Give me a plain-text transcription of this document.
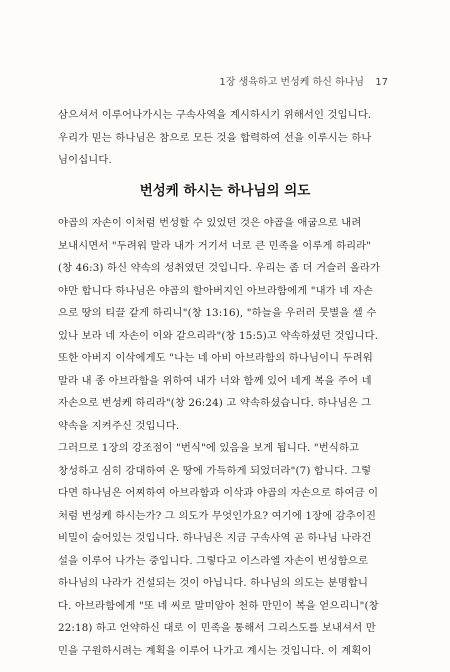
1장 생육하고 번성케 하신 하나님 17
삼으셔서 이루어나가시는 구속사역을 계시하시기 위해서인 것입니다.
우리가 믿는 하나님은 참으로 모든 것을 합력하여 선을 이루시는 하나
님이십니다.
번성케 하시는 하나님의 의도
야곱의 자손이 이처럼 번성할 수 있었던 것은 야곱을 애굽으로 내려
보내시면서 "두려워 말라 내가 거기서 너로 큰 민족을 이루게 하리라"
(창 46:3) 하신 약속의 성취였던 것입니다. 우리는 좀 더 거슬러 올라가
야만 합니다 하나님은 야곱의 할아버지인 아브라함에게 "내가 네 자손
으로 땅의 티끌 같게 하리니"(창 13:16), "하늘을 우러러 뭇별을 셀 수
있나 보라 네 자손이 이와 같으리라"(창 15:5)고 약속하셨던 것입니다.
또한 아버지 이삭에게도 "나는 네 아비 아브라함의 하나님이니 두려워
말라 내 종 아브라함을 위하여 내가 너와 함께 있어 네게 복을 주어 네
자손으로 번성케 하리라"(창 26:24) 고 약속하셨습니다. 하나님은 그
약속을 지켜주신 것입니다.
그러므로 1장의 강조점이 "번식"에 있음을 보게 됩니다. "번식하고
창성하고 심히 강대하여 온 땅에 가득하게 되었더라"(7) 합니다. 그렇
다면 하나님은 어찌하여 아브라함과 이삭과 야곱의 자손으로 하여금 이
처럼 번성케 하시는가? 그 의도가 무엇인가요? 여기에 1장에 감추이진
비밀이 숨어있는 것입니다. 하나님은 지금 구속사역 곧 하나님 나라건
설을 이루어 나가는 중입니다. 그렇다고 이스라엘 자손이 번성함으로
하나님의 나라가 건설되는 것이 아닙니다. 하나님의 의도는 분명합니
다. 아브라함에게 "또 네 씨로 말미암아 천하 만민이 복을 얻으리니"(창
22:18) 하고 언약하신 대로 이 민족을 통해서 그리스도를 보내셔서 만
민을 구원하시려는 계획을 이루어 나가고 계시는 것입니다. 이 계획이
